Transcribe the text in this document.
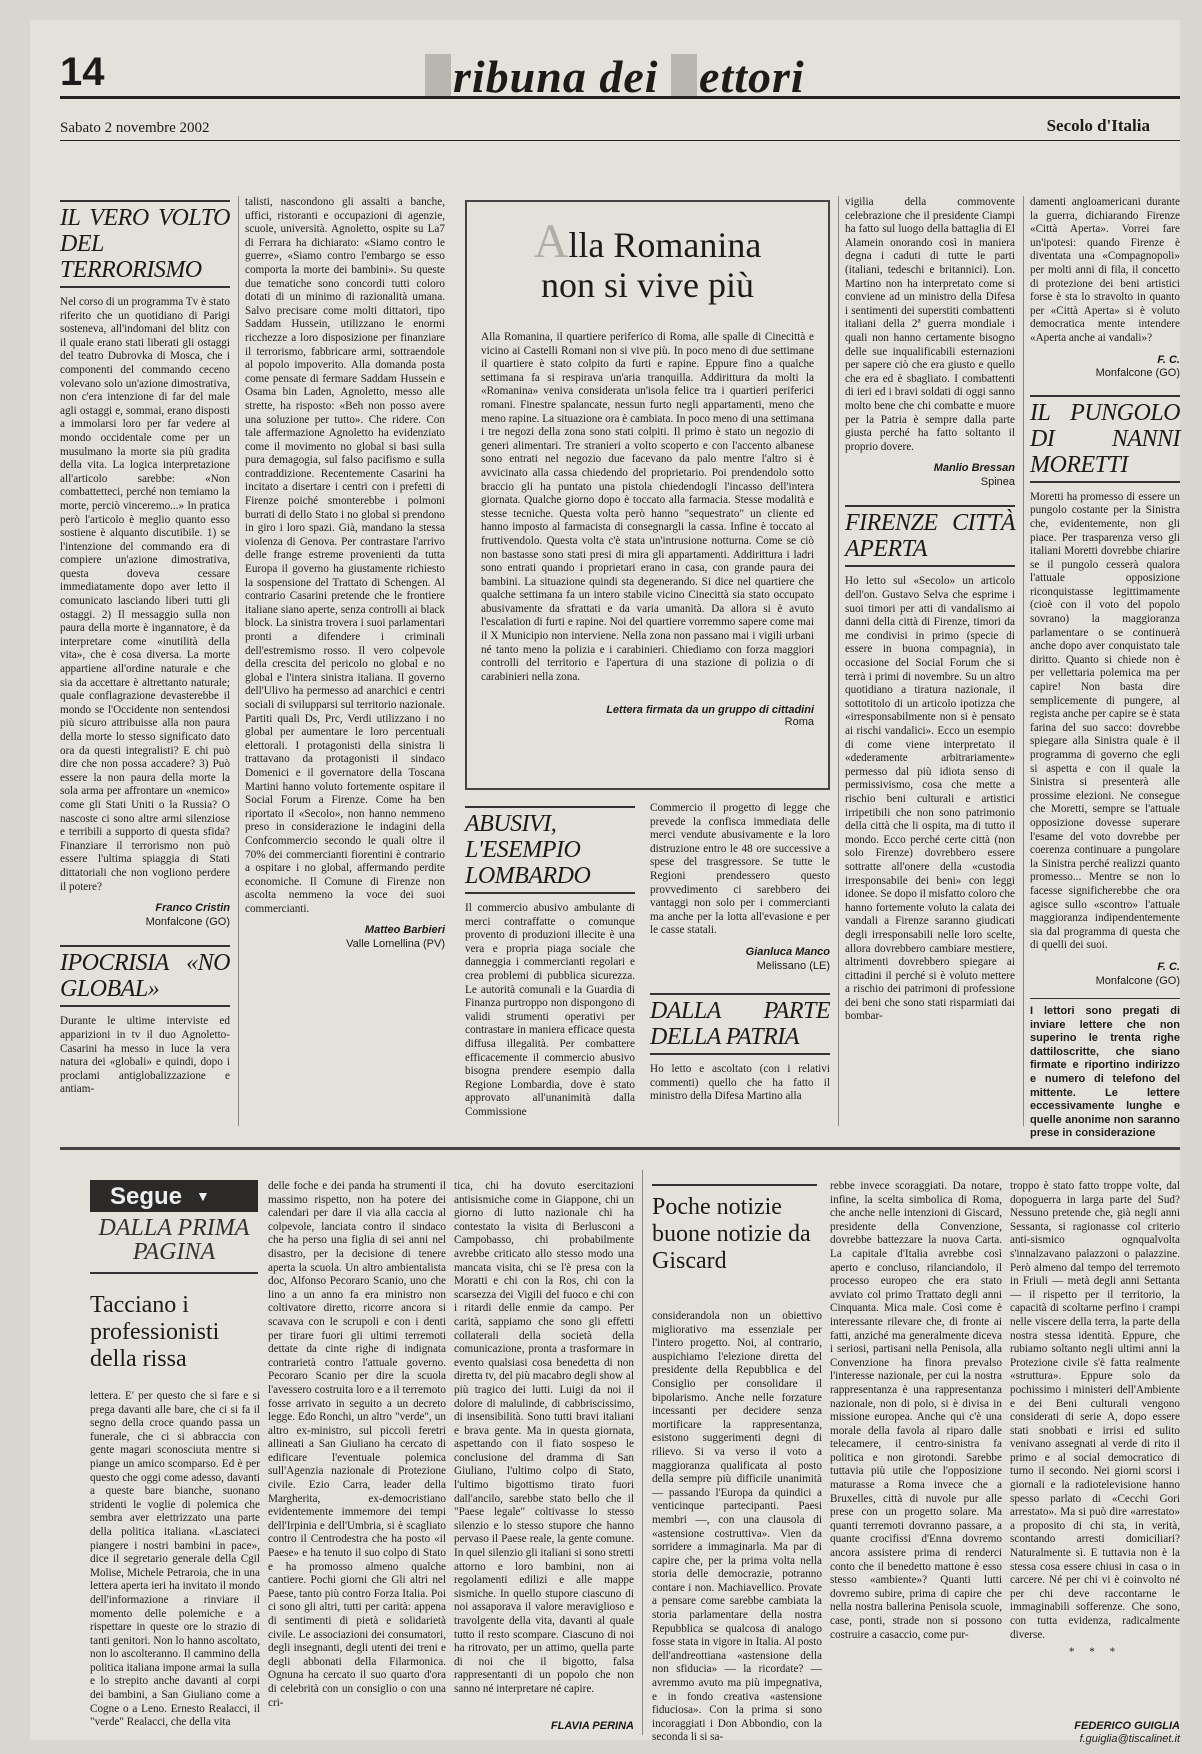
14	ribuna dei ettori
Sabato 2 novembre 2002	Secolo d'Italia
IL VERO VOLTO DEL TERRORISMO

Nel corso di un programma Tv è stato riferito che un quotidiano di Parigi sosteneva, all'indomani del blitz con il quale erano stati liberati gli ostaggi del teatro Dubrovka di Mosca, che i componenti del commando ceceno volevano solo un'azione dimostrativa, non c'era intenzione di far del male agli ostaggi e, sommai, erano disposti a immolarsi loro per far vedere al mondo occidentale come per un musulmano la morte sia più gradita della vita. La logica interpretazione all'articolo sarebbe: «Non combattetteci, perché non temiamo la morte, perciò vinceremo...» In pratica però l'articolo è meglio quanto esso sostiene è alquanto discutibile. 1) se l'intenzione del commando era di compiere un'azione dimostrativa, questa doveva cessare immediatamente dopo aver letto il comunicato lasciando liberi tutti gli ostaggi. 2) Il messaggio sulla non paura della morte è ingannatore, è da interpretare come «inutilità della vita», che è cosa diversa. La morte appartiene all'ordine naturale e che sia da accettare è altrettanto naturale; quale conflagrazione devasterebbe il mondo se l'Occidente non sentendosi più sicuro attribuisse alla non paura della morte lo stesso significato dato ora da questi integralisti? E chi può dire che non possa accadere? 3) Può essere la non paura della morte la sola arma per affrontare un «nemico» come gli Stati Uniti o la Russia? O nascoste ci sono altre armi silenziose e terribili a supporto di questa sfida? Finanziare il terrorismo non può essere l'ultima spiaggia di Stati dittatoriali che non vogliono perdere il potere?

Franco Cristin
Monfalcone (GO)
IPOCRISIA «NO GLOBAL»

Durante le ultime interviste ed apparizioni in tv il duo Agnoletto-Casarini ha messo in luce la vera natura dei «globali» e quindi, dopo i proclami antiglobalizzazione e antiam-

talisti, nascondono gli assalti a banche, uffici, ristoranti e occupazioni di agenzie, scuole, università. Agnoletto, ospite su La7 di Ferrara ha dichiarato: «Siamo contro le guerre», «Siamo contro l'embargo se esso comporta la morte dei bambini». Su queste due tematiche sono concordi tutti coloro dotati di un minimo di razionalità umana. Salvo precisare come molti dittatori, tipo Saddam Hussein, utilizzano le enormi ricchezze a loro disposizione per finanziare il terrorismo, fabbricare armi, sottraendole al popolo impoverito. Alla domanda posta come pensate di fermare Saddam Hussein e Osama bin Laden, Agnoletto, messo alle strette, ha risposto: «Beh non posso avere una soluzione per tutto». Che ridere. Con tale affermazione Agnoletto ha evidenziato come il movimento no global si basi sulla pura demagogia, sul falso pacifismo e sulla contraddizione. Recentemente Casarini ha incitato a disertare i centri con i prefetti di Firenze poiché smonterebbe i polmoni burrati di dello Stato i no global si prendono in giro i loro spazi. Già, mandano la stessa violenza di Genova. Per contrastare l'arrivo delle frange estreme provenienti da tutta Europa il governo ha giustamente richiesto la sospensione del Trattato di Schengen. Al contrario Casarini pretende che le frontiere italiane siano aperte, senza controlli ai black block. La sinistra trovera i suoi parlamentari pronti a difendere i criminali dell'estremismo rosso. Il vero colpevole della crescita del pericolo no global e no global e l'intera sinistra italiana. Il governo dell'Ulivo ha permesso ad anarchici e centri sociali di svilupparsi sul territorio nazionale. Partiti quali Ds, Prc, Verdi utilizzano i no global per aumentare le loro percentuali elettorali. I protagonisti della sinistra li trattavano da protagonisti il sindaco Domenici e il governatore della Toscana Martini hanno voluto fortemente ospitare il Social Forum a Firenze. Come ha ben riportato il «Secolo», non hanno nemmeno preso in considerazione le indagini della Confcommercio secondo le quali oltre il 70% dei commercianti fiorentini è contrario a ospitare i no global, affermando perdite economiche. Il Comune di Firenze non ascolta nemmeno la voce dei suoi commercianti.

Matteo Barbieri
Valle Lomellina (PV)
Alla Romanina
non si vive più
Alla Romanina, il quartiere periferico di Roma, alle spalle di Cinecittà e vicino ai Castelli Romani non si vive più. In poco meno di due settimane il quartiere è stato colpito da furti e rapine. Eppure fino a qualche settimana fa si respirava un'aria tranquilla. Addirittura da molti la «Romanina» veniva considerata un'isola felice tra i quartieri periferici romani. Finestre spalancate, nessun furto negli appartamenti, meno che meno rapine. La situazione ora è cambiata. In poco meno di una settimana i tre negozi della zona sono stati colpiti. Il primo è stato un negozio di generi alimentari. Tre stranieri a volto scoperto e con l'accento albanese sono entrati nel negozio due facevano da palo mentre l'altro si è avvicinato alla cassa chiedendo del proprietario. Poi prendendolo sotto braccio gli ha puntato una pistola chiedendogli l'incasso dell'intera giornata. Qualche giorno dopo è toccato alla farmacia. Stesse modalità e stesse tecniche. Questa volta però hanno "sequestrato" un cliente ed hanno imposto al farmacista di consegnargli la cassa. Infine è toccato al fruttivendolo. Questa volta c'è stata un'intrusione notturna. Come se ciò non bastasse sono stati presi di mira gli appartamenti. Addirittura i ladri sono entrati quando i proprietari erano in casa, con grande paura dei bambini. La situazione quindi sta degenerando. Si dice nel quartiere che qualche settimana fa un intero stabile vicino Cinecittà sia stato occupato abusivamente da sfrattati e da varia umanità. Da allora si è avuto l'escalation di furti e rapine. Noi del quartiere vorremmo sapere come mai il X Municipio non interviene. Nella zona non passano mai i vigili urbani né tanto meno la polizia e i carabinieri. Chiediamo con forza maggiori controlli del territorio e l'apertura di una stazione di polizia o di carabinieri nella zona.
Lettera firmata da un gruppo di cittadini
Roma
ABUSIVI, L'ESEMPIO LOMBARDO

Il commercio abusivo ambulante di merci contraffatte o comunque provento di produzioni illecite è una vera e propria piaga sociale che danneggia i commercianti regolari e crea problemi di pubblica sicurezza. Le autorità comunali e la Guardia di Finanza purtroppo non dispongono di validi strumenti operativi per contrastare in maniera efficace questa diffusa illegalità. Per combattere efficacemente il commercio abusivo bisogna prendere esempio dalla Regione Lombardia, dove è stato approvato all'unanimità dalla Commissione

Commercio il progetto di legge che prevede la confisca immediata delle merci vendute abusivamente e la loro distruzione entro le 48 ore successive a spese del trasgressore. Se tutte le Regioni prendessero questo provvedimento ci sarebbero dei vantaggi non solo per i commercianti ma anche per la lotta all'evasione e per le casse statali.

Gianluca Manco
Melissano (LE)
DALLA PARTE DELLA PATRIA

Ho letto e ascoltato (con i relativi commenti) quello che ha fatto il ministro della Difesa Martino alla

vigilia della commovente celebrazione che il presidente Ciampi ha fatto sul luogo della battaglia di El Alamein onorando così in maniera degna i caduti di tutte le parti (italiani, tedeschi e britannici). Lon. Martino non ha interpretato come si conviene ad un ministro della Difesa i sentimenti dei superstiti combattenti italiani della 2ª guerra mondiale i quali non hanno certamente bisogno delle sue inqualificabili esternazioni per sapere ciò che era giusto e quello che era ed è sbagliato. I combattenti di ieri ed i bravi soldati di oggi sanno molto bene che chi combatte e muore per la Patria è sempre dalla parte giusta perché ha fatto soltanto il proprio dovere.

Manlio Bressan
Spinea
FIRENZE CITTÀ APERTA

Ho letto sul «Secolo» un articolo dell'on. Gustavo Selva che esprime i suoi timori per atti di vandalismo ai danni della città di Firenze, timori da me condivisi in primo (specie di essere in buona compagnia), in occasione del Social Forum che si terrà i primi di novembre. Su un altro quotidiano a tiratura nazionale, il sottotitolo di un articolo ipotizza che «irresponsabilmente non si è pensato ai rischi vandalici». Ecco un esempio di come viene interpretato il «dederamente arbitrariamente» permesso dal più idiota senso di permissivismo, cosa che mette a rischio beni culturali e artistici irripetibili che non sono patrimonio della città che li ospita, ma di tutto il mondo. Ecco perché certe città (non solo Firenze) dovrebbero essere sottratte all'onere della «custodia irresponsabile dei beni» con leggi idonee. Se dopo il misfatto coloro che hanno fortemente voluto la calata dei vandali a Firenze saranno giudicati degli irresponsabili nelle loro scelte, allora dovrebbero cambiare mestiere, altrimenti dovrebbero spiegare ai cittadini il perché si è voluto mettere a rischio dei patrimoni di professione dei beni che sono stati risparmiati dai bombar-

damenti angloamericani durante la guerra, dichiarando Firenze «Città Aperta». Vorrei fare un'ipotesi: quando Firenze è diventata una «Compagnopoli» per molti anni di fila, il concetto di protezione dei beni artistici forse è sta lo stravolto in quanto per «Città Aperta» si è voluto democratica mente intendere «Aperta anche ai vandali»?

F. C.
Monfalcone (GO)
IL PUNGOLO DI NANNI MORETTI

Moretti ha promesso di essere un pungolo costante per la Sinistra che, evidentemente, non gli piace. Per trasparenza verso gli italiani Moretti dovrebbe chiarire se il pungolo cesserà qualora l'attuale opposizione riconquistasse legittimamente (cioè con il voto del popolo sovrano) la maggioranza parlamentare o se continuerà anche dopo aver conquistato tale diritto. Quanto si chiede non è per vellettaria polemica ma per capire! Non basta dire semplicemente di pungere, al regista anche per capire se è stata farina del suo sacco: dovrebbe spiegare alla Sinistra quale è il programma di governo che egli si aspetta e con il quale la Sinistra si presenterà alle prossime elezioni. Ne consegue che Moretti, sempre se l'attuale opposizione dovesse superare l'esame del voto dovrebbe per coerenza continuare a pungolare la Sinistra perché realizzi quanto promesso... Mentre se non lo facesse significherebbe che ora agisce sullo «scontro» l'attuale maggioranza indipendentemente sia dal programma di questa che di quelli dei suoi.

F. C.
Monfalcone (GO)
I lettori sono pregati di inviare lettere che non superino le trenta righe dattiloscritte, che siano firmate e riportino indirizzo e numero di telefono del mittente. Le lettere eccessivamente lunghe e quelle anonime non saranno prese in considerazione
Segue ▼
DALLA PRIMA PAGINA
Tacciano i professionisti della rissa

lettera. E' per questo che si fare e si prega davanti alle bare, che ci si fa il segno della croce quando passa un funerale, che ci si abbraccia con gente magari sconosciuta mentre si piange un amico scomparso. Ed è per questo che oggi come adesso, davanti a queste bare bianche, suonano stridenti le voglie di polemica che sembra aver elettrizzato una parte della politica italiana. «Lasciateci piangere i nostri bambini in pace», dice il segretario generale della Cgil Molise, Michele Petraroia, che in una lettera aperta ieri ha invitato il mondo dell'informazione a rinviare il momento delle polemiche e a rispettare in queste ore lo strazio di tanti genitori. Non lo hanno ascoltato, non lo ascolteranno. Il cammino della politica italiana impone armai la sulla e lo strepito anche davanti al corpi dei bambini, a San Giuliano come a Cogne o a Leno. Ernesto Realacci, il "verde" Realacci, che della vita

delle foche e dei panda ha strumenti il massimo rispetto, non ha potere dei calendari per dare il via alla caccia al colpevole, lanciata contro il sindaco che ha perso una figlia di sei anni nel disastro, per la decisione di tenere aperta la scuola. Un altro ambientalista doc, Alfonso Pecoraro Scanio, uno che lino a un anno fa era ministro non coltivatore diretto, ricorre ancora si scavava con le scrupoli e con i denti per tirare fuori gli ultimi terremoti dettate da cinte righe di indignata contrarietà contro l'attuale governo. Pecoraro Scanio per dire la scuola l'avessero costruita loro e a il terremoto fosse arrivato in seguito a un decreto legge. Edo Ronchi, un altro "verde", un altro ex-ministro, sul piccoli feretri allineati a San Giuliano ha cercato di edificare l'eventuale polemica sull'Agenzia nazionale di Protezione civile. Ezio Carra, leader della Margherita, ex-democristiano evidentemente immemore dei tempi dell'Irpinia e dell'Umbria, si è scagliato contro il Centrodestra che ha posto «il Paese» e ha tenuto il suo colpo di Stato e ha promosso almeno qualche cantiere. Pochi giorni che Gli altri nel Paese, tanto più contro Forza Italia. Poi ci sono gli altri, tutti per carità: appena di sentimenti di pietà e solidarietà civile. Le associazioni dei consumatori, degli insegnanti, degli utenti dei treni e degli abbonati della Filarmonica. Ognuna ha cercato il suo quarto d'ora di celebrità con un consiglio o con una cri-

tica, chi ha dovuto esercitazioni antisismiche come in Giappone, chi un giorno di lutto nazionale chi ha contestato la visita di Berlusconi a Campobasso, chi probabilmente avrebbe criticato allo stesso modo una mancata visita, chi se l'è presa con la Moratti e chi con la Ros, chi con la scarsezza dei Vigili del fuoco e chi con i ritardi delle enmie da campo. Per carità, sappiamo che sono gli effetti collaterali della società della comunicazione, pronta a trasformare in evento qualsiasi cosa benedetta di non diretta tv, del più macabro degli show al più tragico dei lutti. Luigi da noi il dolore di malulinde, di cabbriscissimo, di insensibilità. Sono tutti bravi italiani e brava gente. Ma in questa giornata, aspettando con il fiato sospeso le conclusione del dramma di San Giuliano, l'ultimo colpo di Stato, l'ultimo bigottismo tirato fuori dall'ancilo, sarebbe stato bello che il "Paese legale" coltivasse lo stesso silenzio e lo stesso stupore che hanno pervaso il Paese reale, la gente comune. In quel silenzio gli italiani si sono stretti attorno e loro bambini, non ai regolamenti edilizi e alle mappe sismiche. In quello stupore ciascuno di noi assaporava il valore meraviglioso e travolgente della vita, davanti al quale tutto il resto scompare. Ciascuno di noi ha ritrovato, per un attimo, quella parte di noi che il bigotto, falsa rappresentanti di un popolo che non sanno né interpretare né capire.

FLAVIA PERINA
Poche notizie buone notizie da Giscard

considerandola non un obiettivo migliorativo ma essenziale per l'intero progetto. Noi, al contrario, auspichiamo l'elezione diretta del presidente della Repubblica e del Consiglio per consolidare il bipolarismo. Anche nelle forzature incessanti per decidere senza mortificare la rappresentanza, esistono suggerimenti degni di rilievo. Si va verso il voto a maggioranza qualificata al posto della sempre più difficile unanimità — passando l'Europa da quindici a venticinque partecipanti. Paesi membri —, con una clausola di «astensione costruttiva». Vien da sorridere a immaginarla. Ma par di capire che, per la prima volta nella storia delle democrazie, potranno contare i non. Machiavellico. Provate a pensare come sarebbe cambiata la storia parlamentare della nostra Repubblica se qualcosa di analogo fosse stata in vigore in Italia. Al posto dell'andreottiana «astensione della non sfiducia» — la ricordate? — avremmo avuto ma più impegnativa, e in fondo creativa «astensione fiduciosa». Con la prima si sono incoraggiati i Don Abbondio, con la seconda li si sa-

rebbe invece scoraggiati. Da notare, infine, la scelta simbolica di Roma, che anche nelle intenzioni di Giscard, presidente della Convenzione, dovrebbe battezzare la nuova Carta. La capitale d'Italia avrebbe così aperto e concluso, rilanciandolo, il processo europeo che era stato avviato col primo Trattato degli anni Cinquanta. Mica male. Così come è interessante rilevare che, di fronte ai fatti, anziché ma generalmente diceva i seriosi, partisani nella Penisola, alla Convenzione ha finora prevalso l'interesse nazionale, per cui la nostra rappresentanza è una rappresentanza nazionale, non di polo, si è divisa in missione europea. Anche qui c'è una morale della favola al riparo dalle telecamere, il centro-sinistra fa politica e non girotondi. Sarebbe tuttavia più utile che l'opposizione maturasse a Roma invece che a Bruxelles, città di nuvole pur alle prese con un progetto solare. Ma quanti terremoti dovranno passare, a quante crocifissi d'Enna dovremo ancora assistere prima di renderci conto che il benedetto mattone è esso stesso «ambiente»? Quanti lutti dovremo subire, prima di capire che nella nostra ballerina Penisola scuole, case, ponti, strade non si possono costruire a casaccio, come pur-

troppo è stato fatto troppe volte, dal dopoguerra in larga parte del Sud? Nessuno pretende che, già negli anni Sessanta, si ragionasse col criterio anti-sismico ognqualvolta s'innalzavano palazzoni o palazzine. Però almeno dal tempo del terremoto in Friuli — metà degli anni Settanta — il rispetto per il territorio, la capacità di scoltarne perfino i crampi nelle viscere della terra, la parte della nostra stessa identità. Eppure, che rubiamo soltanto negli ultimi anni la Protezione civile s'è fatta realmente «struttura». Eppure solo da pochissimo i ministeri dell'Ambiente e dei Beni culturali vengono considerati di serie A, dopo essere stati snobbati e irrisi ed sulito venivano assegnati al verde di rito il primo e al social democratico di turno il secondo. Nei giorni scorsi i giornali e la radiotelevisione hanno spesso parlato di «Cecchi Gori arrestato». Ma si può dire «arrestato» a proposito di chi sta, in verità, scontando arresti domiciliari? Naturalmente sì. E tuttavia non è la stessa cosa essere chiusi in casa o in carcere. Né per chi vi è coinvolto né per chi deve raccontarne le immaginabili sofferenze. Che sono, con tutta evidenza, radicalmente diverse.

* * *
FEDERICO GUIGLIA
f.guiglia@tiscalinet.it
